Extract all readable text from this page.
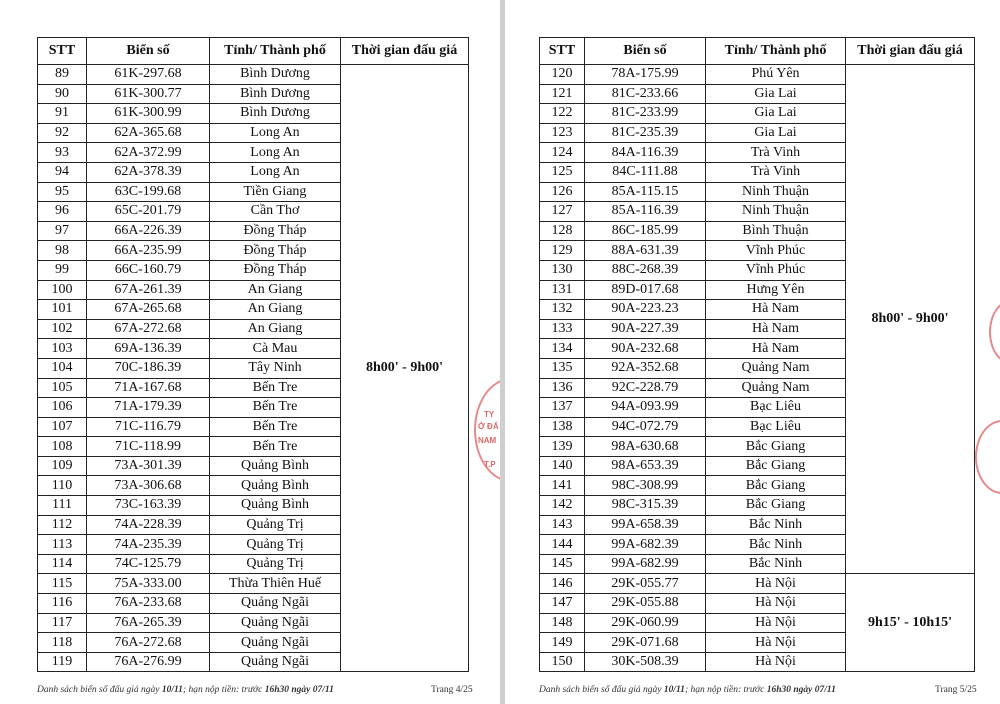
STT	Biển số	Tỉnh/ Thành phố	Thời gian đấu giá
89	61K-297.68	Bình Dương	8h00' - 9h00'
90	61K-300.77	Bình Dương	
91	61K-300.99	Bình Dương	
92	62A-365.68	Long An	
93	62A-372.99	Long An	
94	62A-378.39	Long An	
95	63C-199.68	Tiền Giang	
96	65C-201.79	Cần Thơ	
97	66A-226.39	Đồng Tháp	
98	66A-235.99	Đồng Tháp	
99	66C-160.79	Đồng Tháp	
100	67A-261.39	An Giang	
101	67A-265.68	An Giang	
102	67A-272.68	An Giang	
103	69A-136.39	Cà Mau	
104	70C-186.39	Tây Ninh	
105	71A-167.68	Bến Tre	
106	71A-179.39	Bến Tre	
107	71C-116.79	Bến Tre	
108	71C-118.99	Bến Tre	
109	73A-301.39	Quảng Bình	
110	73A-306.68	Quảng Bình	
111	73C-163.39	Quảng Bình	
112	74A-228.39	Quảng Trị	
113	74A-235.39	Quảng Trị	
114	74C-125.79	Quảng Trị	
115	75A-333.00	Thừa Thiên Huế	
116	76A-233.68	Quảng Ngãi	
117	76A-265.39	Quảng Ngãi	
118	76A-272.68	Quảng Ngãi	
119	76A-276.99	Quảng Ngãi	
Danh sách biển số đấu giá ngày 10/11; hạn nộp tiền: trước 16h30 ngày 07/11	Trang 4/25
TY
Ở ĐẤ
NAM
T.P
STT	Biển số	Tỉnh/ Thành phố	Thời gian đấu giá
120	78A-175.99	Phú Yên	8h00' - 9h00'
121	81C-233.66	Gia Lai	
122	81C-233.99	Gia Lai	
123	81C-235.39	Gia Lai	
124	84A-116.39	Trà Vinh	
125	84C-111.88	Trà Vinh	
126	85A-115.15	Ninh Thuận	
127	85A-116.39	Ninh Thuận	
128	86C-185.99	Bình Thuận	
129	88A-631.39	Vĩnh Phúc	
130	88C-268.39	Vĩnh Phúc	
131	89D-017.68	Hưng Yên	
132	90A-223.23	Hà Nam	
133	90A-227.39	Hà Nam	
134	90A-232.68	Hà Nam	
135	92A-352.68	Quảng Nam	
136	92C-228.79	Quảng Nam	
137	94A-093.99	Bạc Liêu	
138	94C-072.79	Bạc Liêu	
139	98A-630.68	Bắc Giang	
140	98A-653.39	Bắc Giang	
141	98C-308.99	Bắc Giang	
142	98C-315.39	Bắc Giang	
143	99A-658.39	Bắc Ninh	
144	99A-682.39	Bắc Ninh	
145	99A-682.99	Bắc Ninh	
146	29K-055.77	Hà Nội	9h15' - 10h15'
147	29K-055.88	Hà Nội	
148	29K-060.99	Hà Nội	
149	29K-071.68	Hà Nội	
150	30K-508.39	Hà Nội	
Danh sách biển số đấu giá ngày 10/11; hạn nộp tiền: trước 16h30 ngày 07/11	Trang 5/25
